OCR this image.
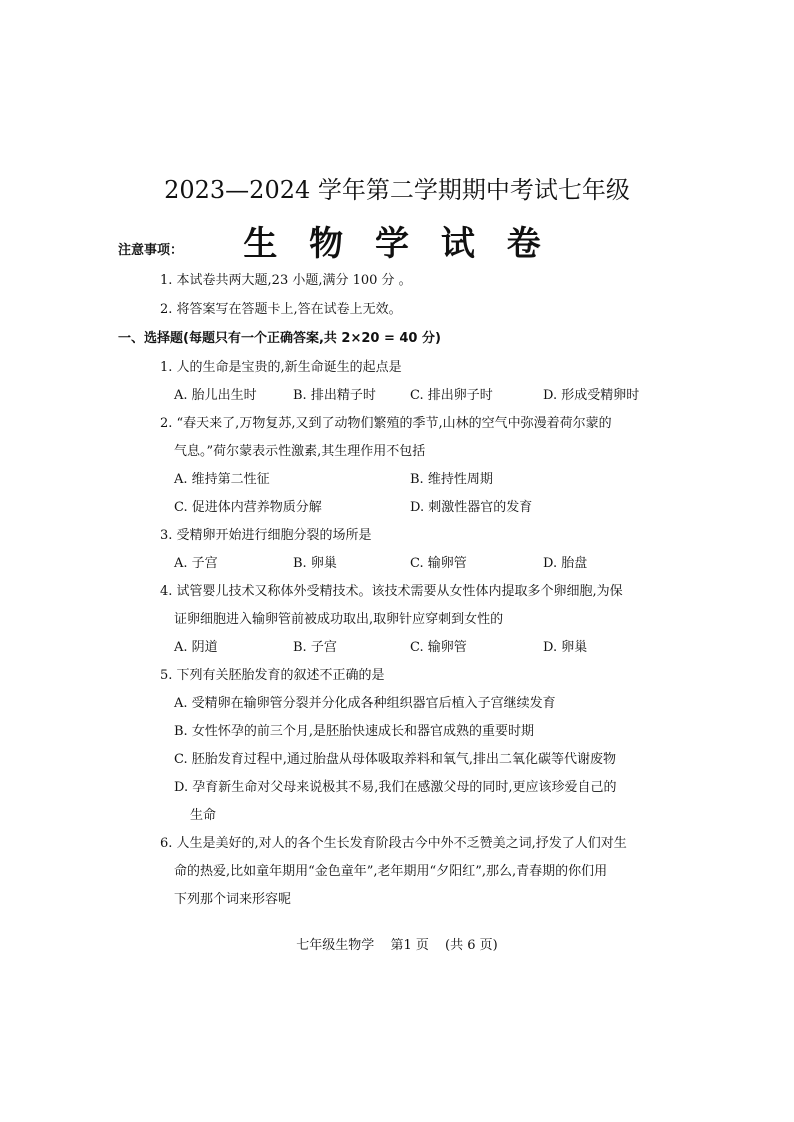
2023—2024 学年第二学期期中考试七年级
生 物 学 试 卷
注意事项：
1. 本试卷共两大题,23 小题,满分 100 分 。
2. 将答案写在答题卡上,答在试卷上无效。
一、选择题(每题只有一个正确答案,共 2×20 = 40 分)
1. 人的生命是宝贵的,新生命诞生的起点是
A. 胎儿出生时	B. 排出精子时	C. 排出卵子时	D. 形成受精卵时
2. “春天来了,万物复苏,又到了动物们繁殖的季节,山林的空气中弥漫着荷尔蒙的
气息。”荷尔蒙表示性激素,其生理作用不包括
A. 维持第二性征	B. 维持性周期
C. 促进体内营养物质分解	D. 刺激性器官的发育
3. 受精卵开始进行细胞分裂的场所是
A. 子宫	B. 卵巢	C. 输卵管	D. 胎盘
4. 试管婴儿技术又称体外受精技术。该技术需要从女性体内提取多个卵细胞,为保
证卵细胞进入输卵管前被成功取出,取卵针应穿刺到女性的
A. 阴道	B. 子宫	C. 输卵管	D. 卵巢
5. 下列有关胚胎发育的叙述不正确的是
A. 受精卵在输卵管分裂并分化成各种组织器官后植入子宫继续发育
B. 女性怀孕的前三个月,是胚胎快速成长和器官成熟的重要时期
C. 胚胎发育过程中,通过胎盘从母体吸取养料和氧气,排出二氧化碳等代谢废物
D. 孕育新生命对父母来说极其不易,我们在感激父母的同时,更应该珍爱自己的
生命
6. 人生是美好的,对人的各个生长发育阶段古今中外不乏赞美之词,抒发了人们对生
命的热爱,比如童年期用“金色童年”,老年期用“夕阳红”,那么,青春期的你们用
下列那个词来形容呢
七年级生物学 第1 页 (共 6 页)
